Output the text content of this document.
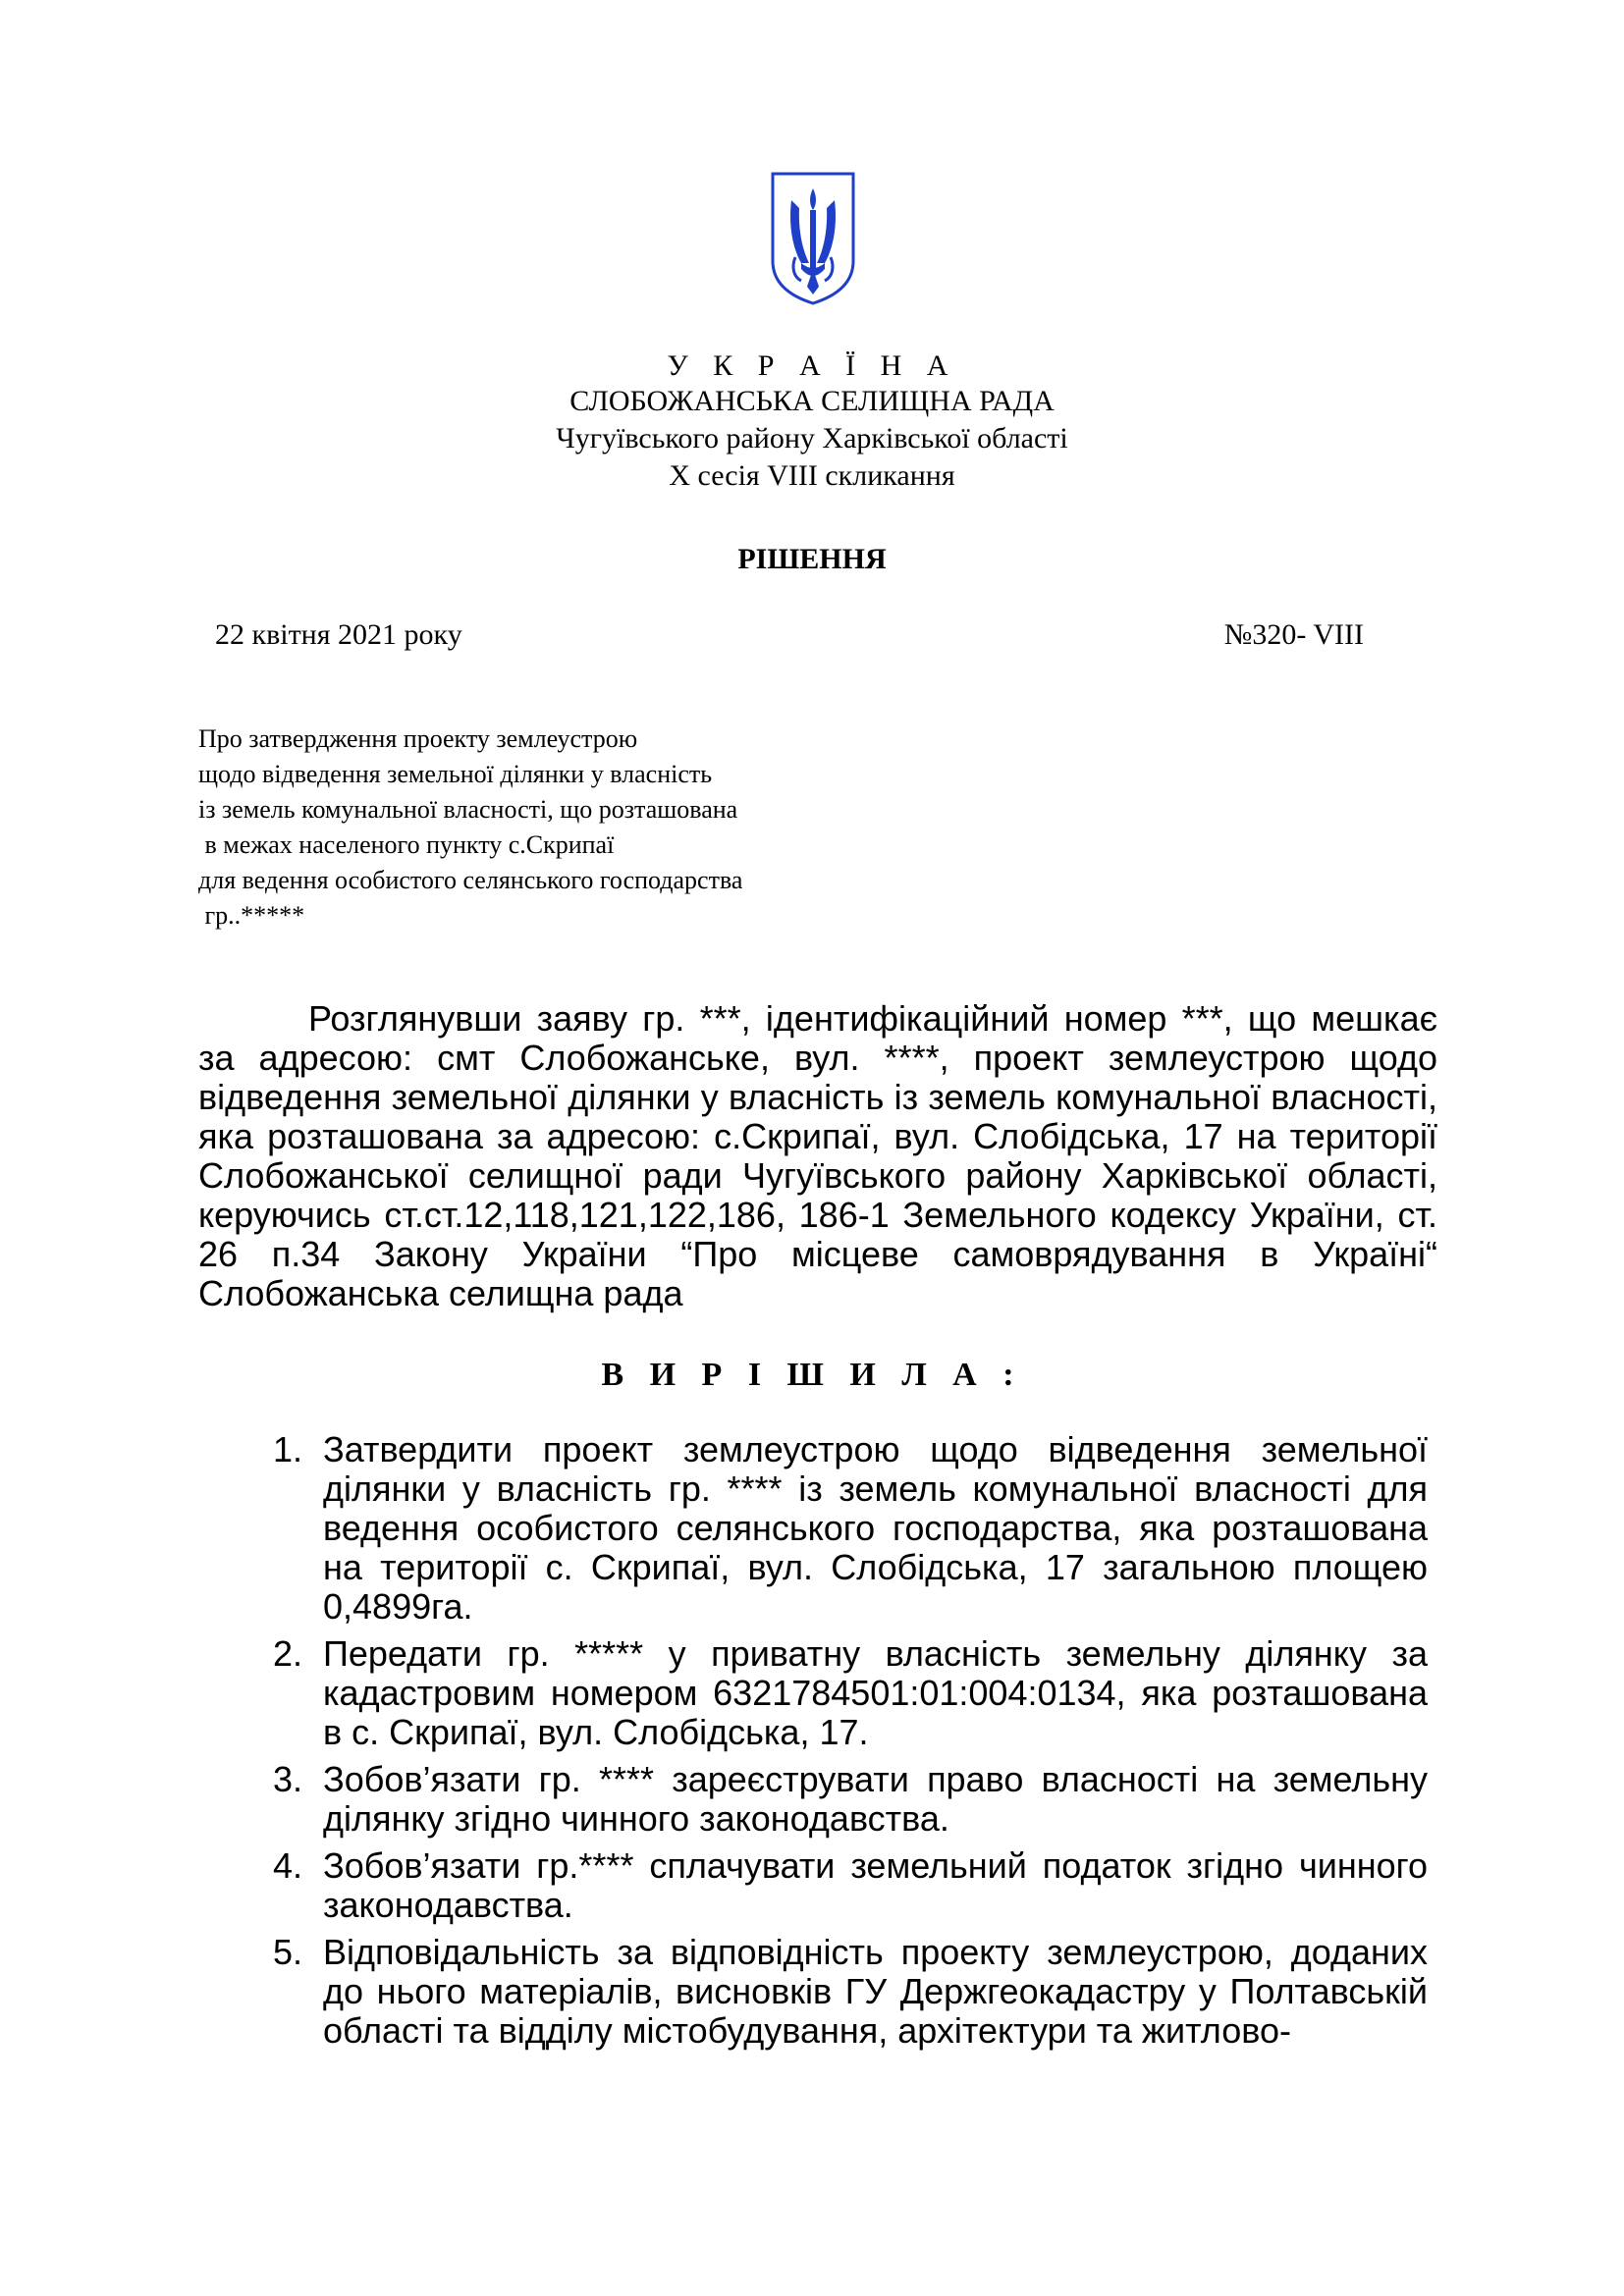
У К Р А Ї Н А
СЛОБОЖАНСЬКА СЕЛИЩНА РАДА
Чугуївського району Харківської області
Х сесія VIII скликання
РІШЕННЯ
22 квітня 2021 року	№320- VIII
Про затвердження проекту землеустрою
щодо відведення земельної ділянки у власність
із земель комунальної власності, що розташована
в межах населеного пункту с.Скрипаї
для ведення особистого селянського господарства
гр..*****
Розглянувши заяву гр. ***, ідентифікаційний номер ***, що мешкає за адресою: смт Слобожанське, вул. ****, проект землеустрою щодо відведення земельної ділянки у власність із земель комунальної власності, яка розташована за адресою: с.Скрипаї, вул. Слобідська, 17 на території Слобожанської селищної ради Чугуївського району Харківської області, керуючись ст.ст.12,118,121,122,186, 186-1 Земельного кодексу України, ст. 26 п.34 Закону України “Про місцеве самоврядування в Україні“ Слобожанська селищна рада
В И Р І Ш И Л А :
1. Затвердити проект землеустрою щодо відведення земельної ділянки у власність гр. **** із земель комунальної власності для ведення особистого селянського господарства, яка розташована на території с. Скрипаї, вул. Слобідська, 17 загальною площею 0,4899га.
2. Передати гр. ***** у приватну власність земельну ділянку за кадастровим номером 6321784501:01:004:0134, яка розташована в с. Скрипаї, вул. Слобідська, 17.
3. Зобов’язати гр. **** зареєструвати право власності на земельну ділянку згідно чинного законодавства.
4. Зобов’язати гр.**** сплачувати земельний податок згідно чинного законодавства.
5. Відповідальність за відповідність проекту землеустрою, доданих до нього матеріалів, висновків ГУ Держгеокадастру у Полтавській області та відділу містобудування, архітектури та житлово-
